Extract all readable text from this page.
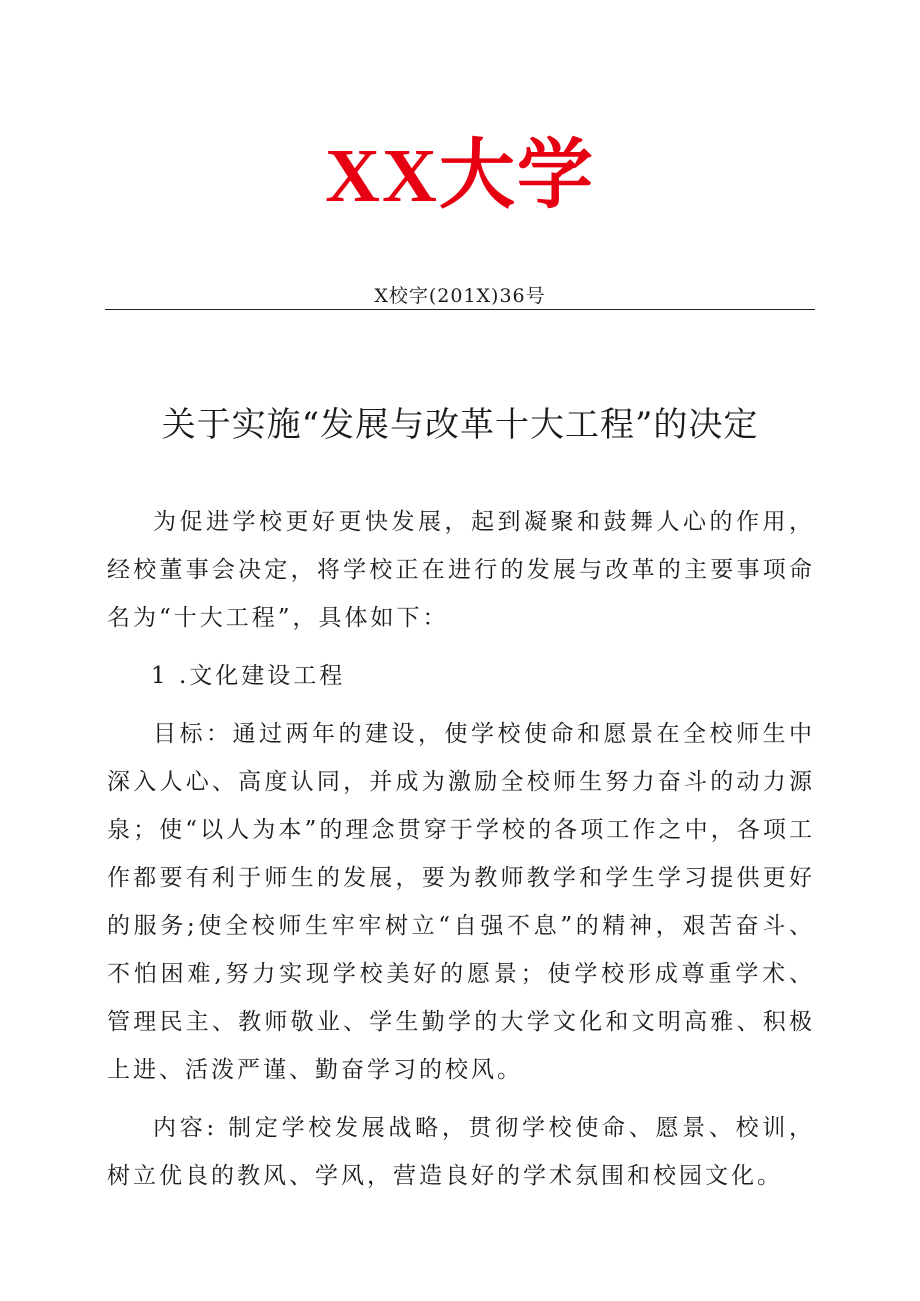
XX大学
X校字(201X)36号
关于实施“发展与改革十大工程”的决定

为促进学校更好更快发展，起到凝聚和鼓舞人心的作用，经校董事会决定，将学校正在进行的发展与改革的主要事项命名为“十大工程”，具体如下：

1 .文化建设工程

目标：通过两年的建设，使学校使命和愿景在全校师生中深入人心、高度认同，并成为激励全校师生努力奋斗的动力源泉；使“以人为本”的理念贯穿于学校的各项工作之中，各项工作都要有利于师生的发展，要为教师教学和学生学习提供更好的服务;使全校师生牢牢树立“自强不息”的精神，艰苦奋斗、不怕困难,努力实现学校美好的愿景；使学校形成尊重学术、管理民主、教师敬业、学生勤学的大学文化和文明高雅、积极上进、活泼严谨、勤奋学习的校风。

内容: 制定学校发展战略，贯彻学校使命、愿景、校训，树立优良的教风、学风，营造良好的学术氛围和校园文化。
